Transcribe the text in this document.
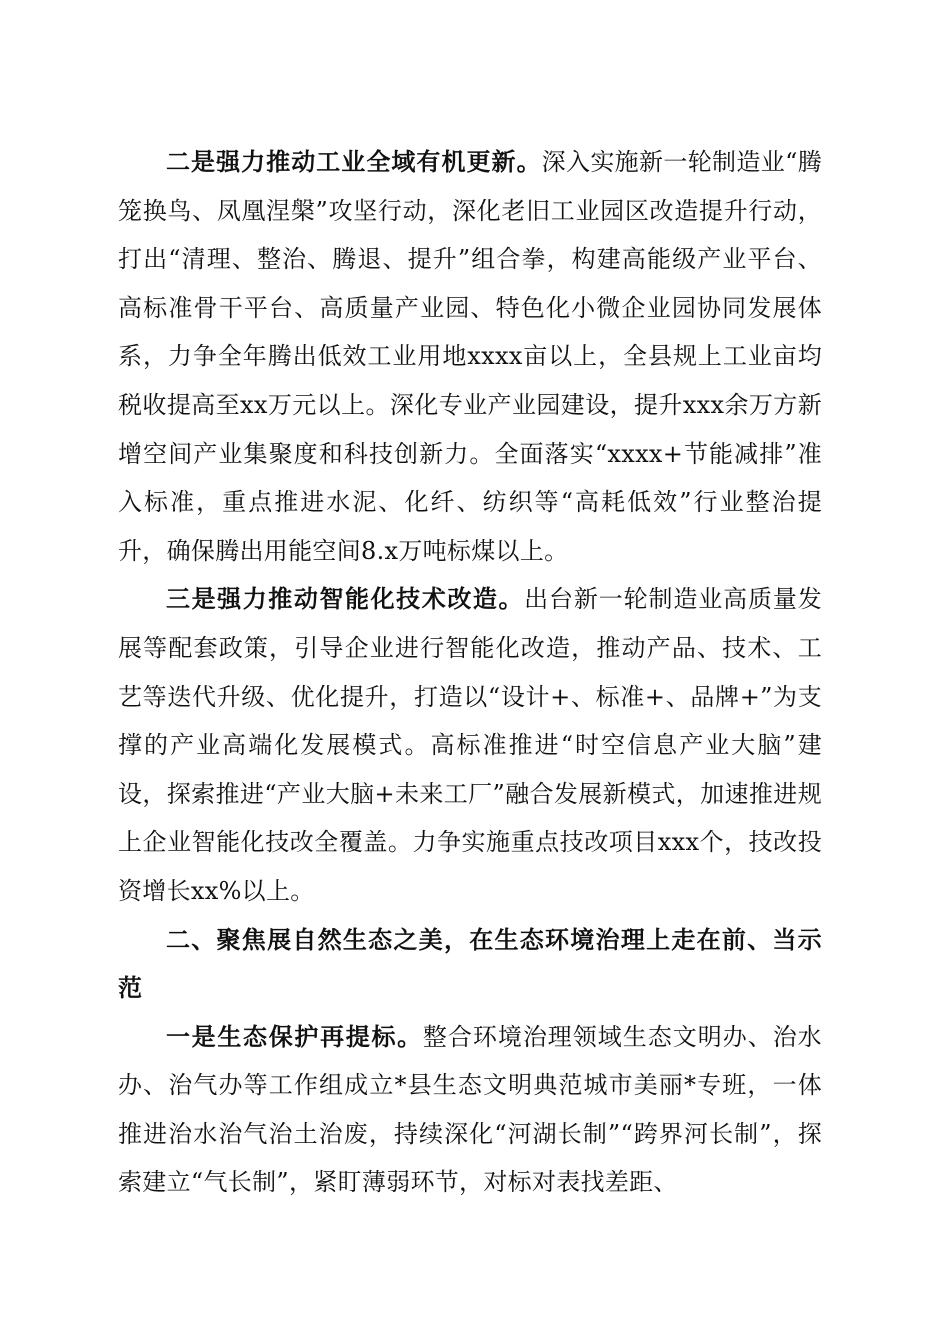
二是强力推动工业全域有机更新。深入实施新一轮制造业“腾笼换鸟、凤凰涅槃”攻坚行动，深化老旧工业园区改造提升行动，打出“清理、整治、腾退、提升”组合拳，构建高能级产业平台、高标准骨干平台、高质量产业园、特色化小微企业园协同发展体系，力争全年腾出低效工业用地xxxx亩以上，全县规上工业亩均税收提高至xx万元以上。深化专业产业园建设，提升xxx余万方新增空间产业集聚度和科技创新力。全面落实“xxxx+节能减排”准入标准，重点推进水泥、化纤、纺织等“高耗低效”行业整治提升，确保腾出用能空间8.x万吨标煤以上。

三是强力推动智能化技术改造。出台新一轮制造业高质量发展等配套政策，引导企业进行智能化改造，推动产品、技术、工艺等迭代升级、优化提升，打造以“设计+、标准+、品牌+”为支撑的产业高端化发展模式。高标准推进“时空信息产业大脑”建设，探索推进“产业大脑+未来工厂”融合发展新模式，加速推进规上企业智能化技改全覆盖。力争实施重点技改项目xxx个，技改投资增长xx%以上。

二、聚焦展自然生态之美，在生态环境治理上走在前、当示范

一是生态保护再提标。整合环境治理领域生态文明办、治水办、治气办等工作组成立*县生态文明典范城市美丽*专班，一体推进治水治气治土治废，持续深化“河湖长制”“跨界河长制”，探索建立“气长制”，紧盯薄弱环节，对标对表找差距、
